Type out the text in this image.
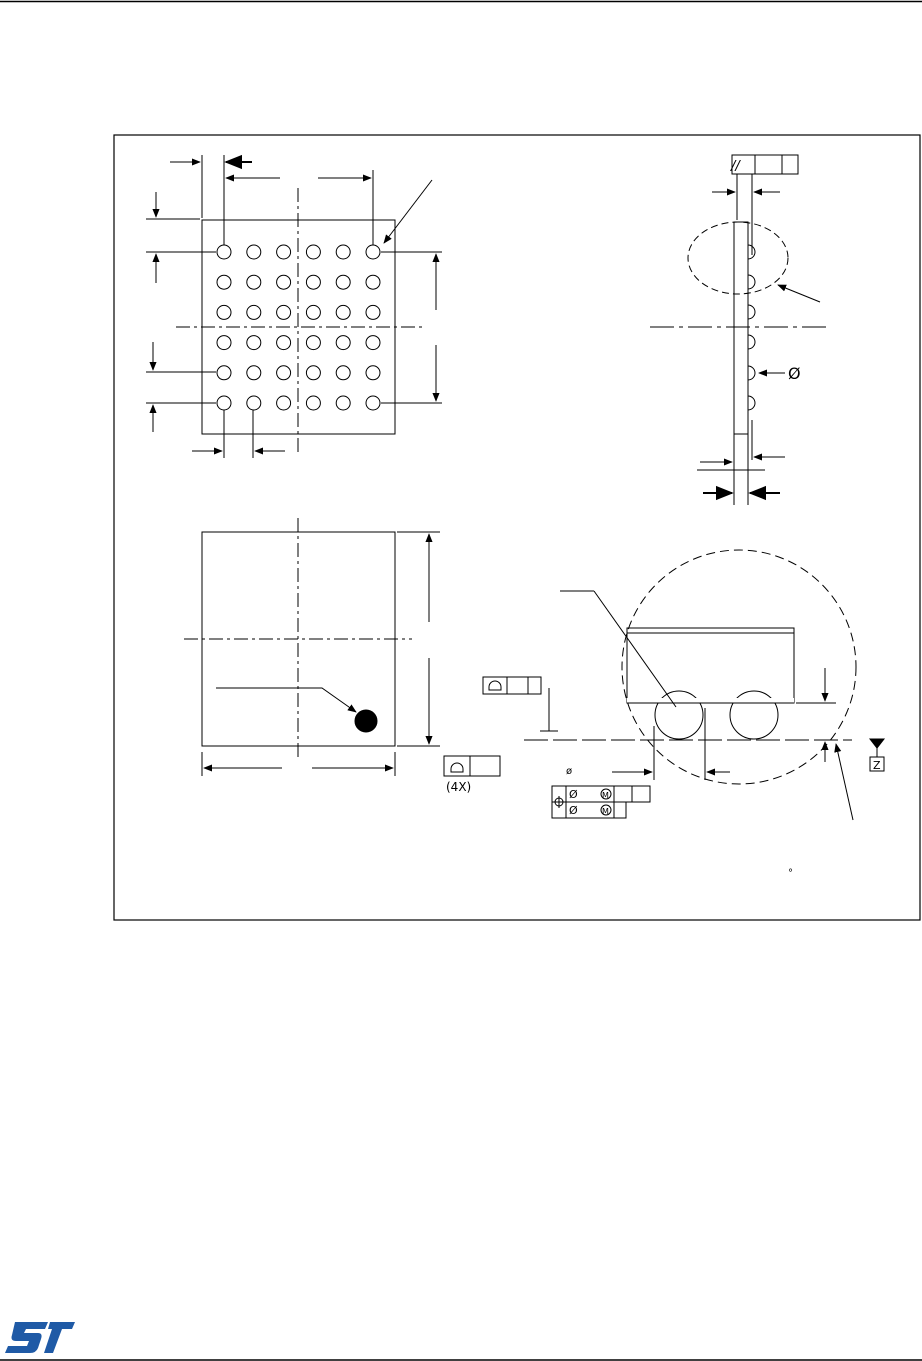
//
Ø
(4X)
Z
ø
Ø
Ø
M
M
°
